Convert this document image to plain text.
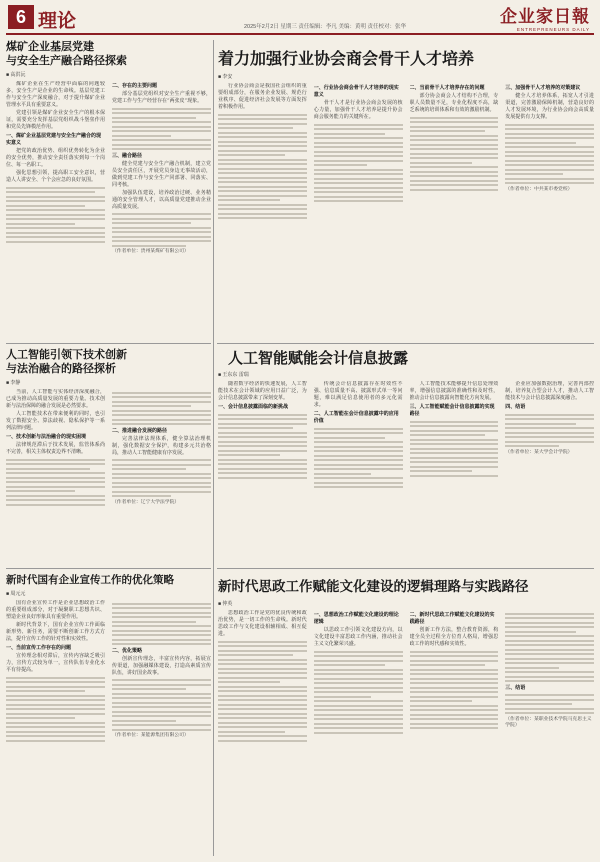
6 理论	2025年2月2日 星期三 责任编辑：李凡 美编：黄明 责任校对：张华
企业家日報
ENTREPRENEURS DAILY
煤矿企业基层党建
与安全生产融合路径探索
■ 高洪沅

煤矿企业在生产经营中面临的问题较多，安全生产是企业的生命线。基层党建工作与安全生产深度融合，对于提升煤矿企业管理水平具有重要意义。

党建引领是煤矿企业安全生产的根本保证，需要充分发挥基层党组织战斗堡垒作用和党员先锋模范作用。

一、煤矿企业基层党建与安全生产融合的现实意义

把党的政治优势、组织优势转化为企业的安全优势，推动安全责任落实到每一个岗位、每一名职工。

强化思想引领，提高职工安全意识，营造人人讲安全、个个会应急的良好氛围。

二、存在的主要问题

部分基层党组织对安全生产重视不够，党建工作与生产经营存在“两张皮”现象。

三、融合路径

健全党建与安全生产融合机制，建立党员安全责任区，开展党员身边无事故活动，做到党建工作与安全生产同部署、同落实、同考核。

加强队伍建设，培养政治过硬、业务精通的安全管理人才，以高质量党建推动企业高质量发展。

（作者单位：贵州某煤矿有限公司）
人工智能引领下技术创新
与法治融合的路径探析
■ 李静

当前，人工智能与实体经济深度融合，已成为推动高质量发展的重要力量。技术创新与法治保障的融合发展是必然要求。

人工智能技术在带来便利的同时，也引发了数据安全、算法歧视、隐私保护等一系列法律问题。

一、技术创新与法治融合的现实困境

法律规范滞后于技术发展，监管体系尚不完善，相关主体权责边界不清晰。

二、推进融合发展的路径

完善法律法规体系，健全算法治理机制，强化数据安全保护，构建多元共治格局，推动人工智能健康有序发展。

（作者单位：辽宁大学法学院）
新时代国有企业宣传工作的优化策略
■ 周元元

国有企业宣传工作是企业思想政治工作的重要组成部分，对于凝聚职工思想共识、塑造企业良好形象具有重要作用。

新时代背景下，国有企业宣传工作面临新形势、新任务，需要不断创新工作方式方法，提升宣传工作的针对性和实效性。

一、当前宣传工作存在的问题

宣传理念相对滞后，宣传内容缺乏吸引力，宣传方式较为单一，宣传队伍专业化水平有待提高。

二、优化策略

创新宣传理念，丰富宣传内容，拓展宣传渠道，加强融媒体建设，打造高素质宣传队伍，讲好国企故事。

（作者单位：某能源集团有限公司）
着力加强行业协会商会骨干人才培养
■ 李安

行业协会商会是我国社会组织的重要组成部分，在服务企业发展、规范行业秩序、促进经济社会发展等方面发挥着积极作用。

一、行业协会商会骨干人才培养的现实意义

骨干人才是行业协会商会发展的核心力量，加强骨干人才培养是提升协会商会服务能力的关键所在。

二、当前骨干人才培养存在的问题

部分协会商会人才结构不合理，专职人员数量不足，专业化程度不高，缺乏系统的培训体系和有效的激励机制。

三、加强骨干人才培养的对策建议

健全人才培养体系，拓宽人才引进渠道，完善激励保障机制，营造良好的人才发展环境，为行业协会商会高质量发展提供有力支撑。

（作者单位：中共某市委党校）
人工智能赋能会计信息披露
■ 王东东 雷瑞

随着数字经济的快速发展，人工智能技术在会计领域的应用日益广泛，为会计信息披露带来了深刻变革。

一、会计信息披露面临的新挑战

传统会计信息披露存在时效性不强、信息质量不高、披露形式单一等问题，难以满足信息使用者的多元化需求。

二、人工智能在会计信息披露中的应用价值

人工智能技术能够提升信息处理效率，增强信息披露的准确性和及时性，推动会计信息披露向智能化方向发展。

三、人工智能赋能会计信息披露的实现路径

企业应加强数据治理，完善内部控制，培养复合型会计人才，推动人工智能技术与会计信息披露深度融合。

四、结语
（作者单位：某大学会计学院）
新时代思政工作赋能文化建设的逻辑理路与实践路径
■ 仲英

思想政治工作是党的优良传统和政治优势，是一切工作的生命线。新时代思政工作与文化建设相辅相成、相互促进。

一、思想政治工作赋能文化建设的理论逻辑

以思政工作引领文化建设方向，以文化建设丰富思政工作内涵，推动社会主义文化繁荣兴盛。

二、新时代思政工作赋能文化建设的实践路径

创新工作方法，整合教育资源，构建全员全过程全方位育人格局，增强思政工作的时代感和实效性。

三、结语
（作者单位：某职业技术学院马克思主义学院）
